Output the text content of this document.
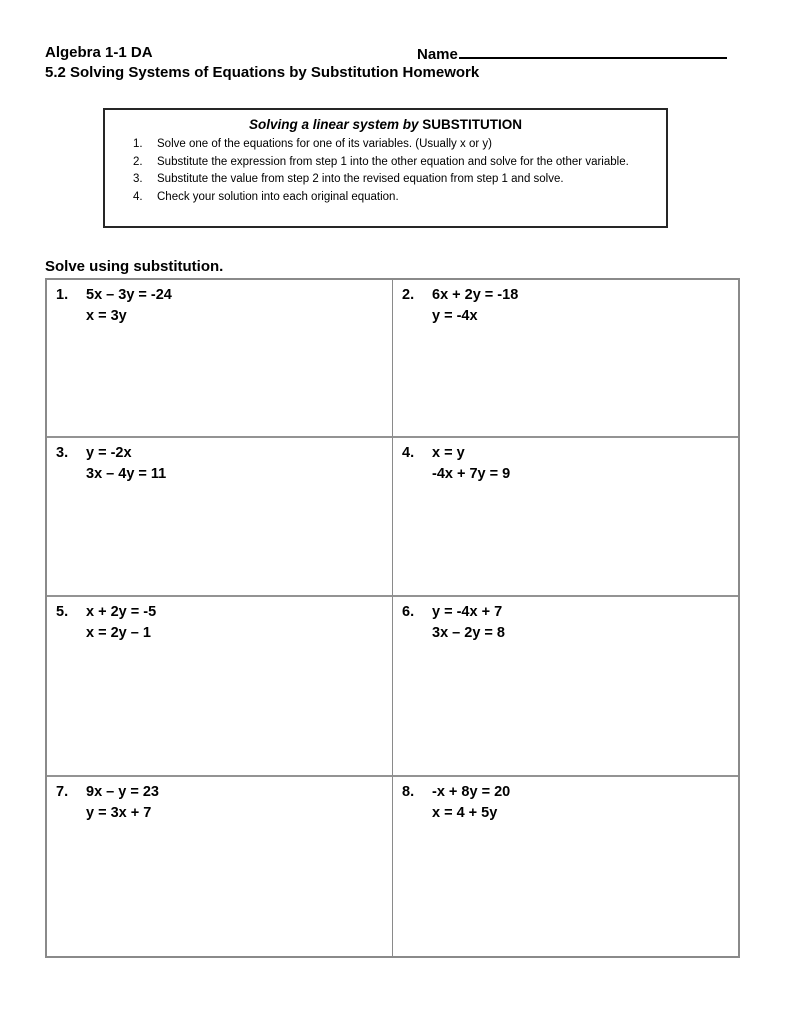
Algebra 1-1 DA	Name
5.2 Solving Systems of Equations by Substitution Homework
Solving a linear system by SUBSTITUTION
1.	Solve one of the equations for one of its variables. (Usually x or y)
2.	Substitute the expression from step 1 into the other equation and solve for the other variable.
3.	Substitute the value from step 2 into the revised equation from step 1 and solve.
4.	Check your solution into each original equation.
Solve using substitution.
1.	5x – 3y = -24
x = 3y
2.	6x + 2y = -18
y = -4x
3.	y = -2x
3x – 4y = 11
4.	x = y
-4x + 7y = 9
5.	x + 2y = -5
x = 2y – 1
6.	y = -4x + 7
3x – 2y = 8
7.	9x – y = 23
y = 3x + 7
8.	-x + 8y = 20
x = 4 + 5y
